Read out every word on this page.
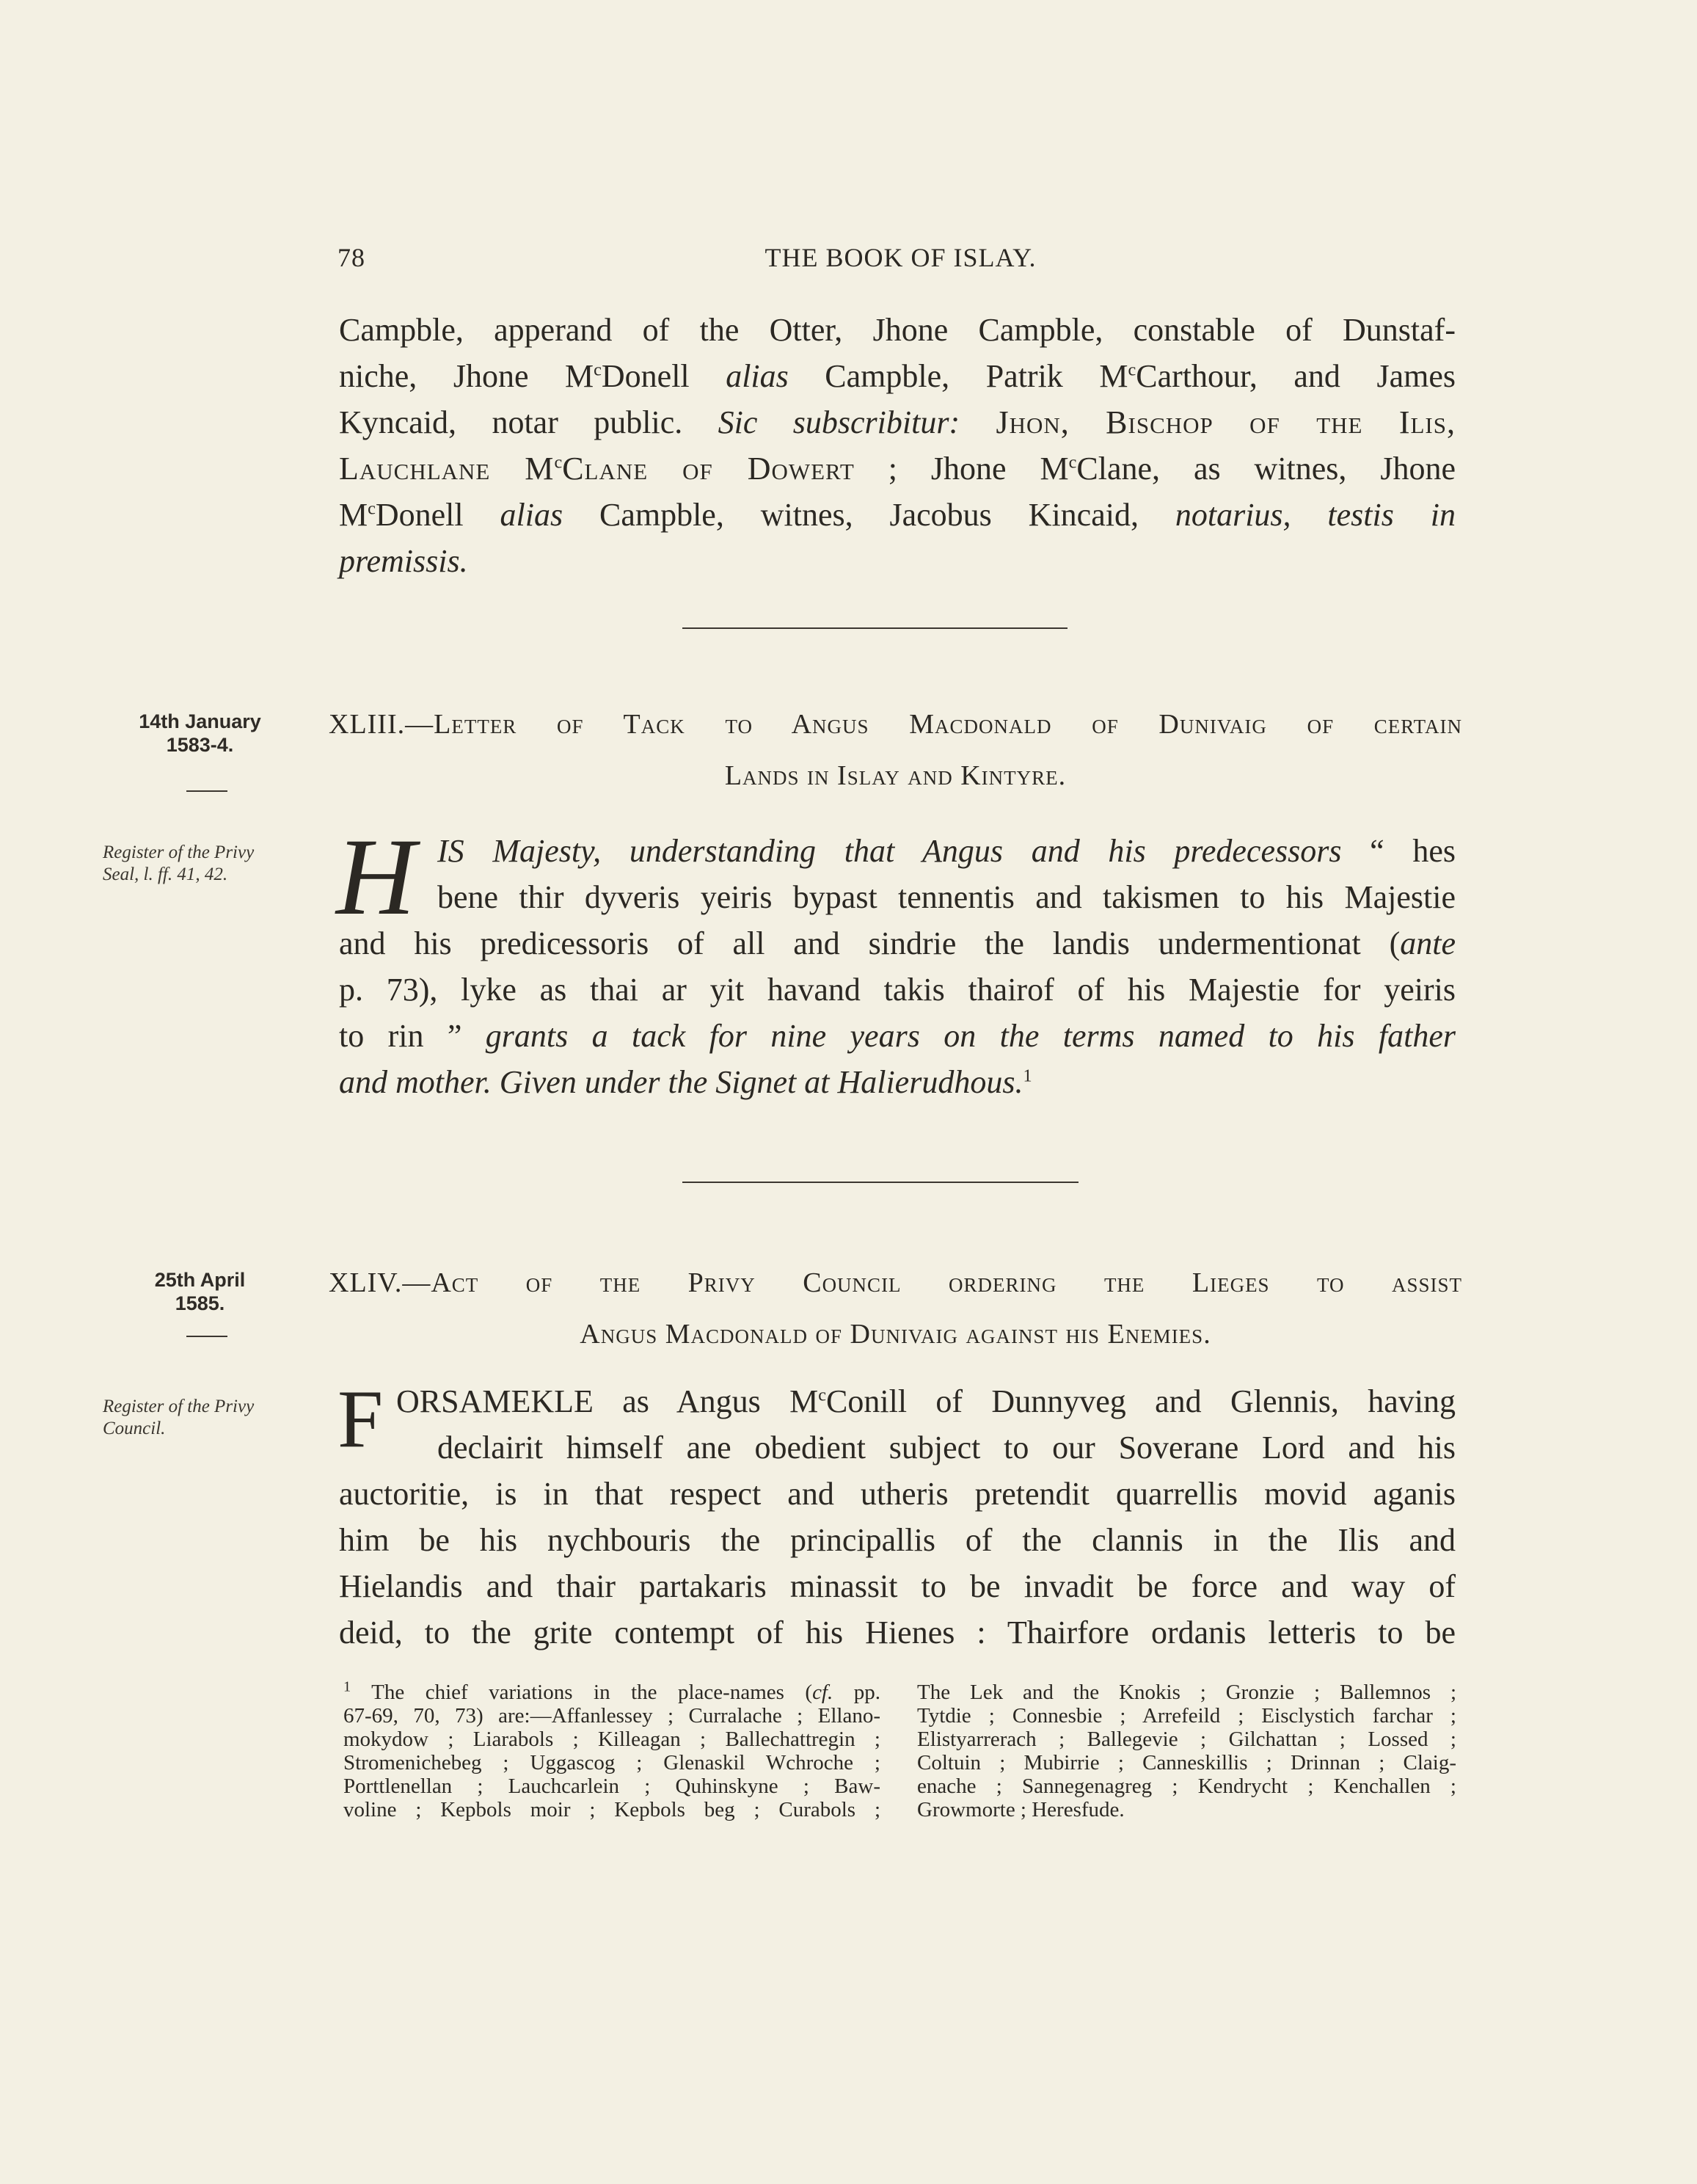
78	THE BOOK OF ISLAY.
Campble, apperand of the Otter, Jhone Campble, constable of Dunstaf-
niche, Jhone $M^cDonell$ alias Campble, Patrik $M^cCarthour$, and James
Kyncaid, notar public. Sic subscribitur: Jhon, Bischop of the Ilis,
Lauchlane $M^cClane$ of Dowert ; Jhone $M^cClane$, as witnes, Jhone
$M^cDonell$ alias Campble, witnes, Jacobus Kincaid, notarius, testis in
premissis.
14th January
1583-4.
Register of the Privy
Seal, l. ff. 41, 42.
XLIII.—Letter of Tack to Angus Macdonald of Dunivaig of certain
Lands in Islay and Kintyre.
H IS Majesty, understanding that Angus and his predecessors “ hes
bene thir dyveris yeiris bypast tennentis and takismen to his Majestie
and his predicessoris of all and sindrie the landis undermentionat (ante
p. 73), lyke as thai ar yit havand takis thairof of his Majestie for yeiris
to rin ” grants a tack for nine years on the terms named to his father
and mother. Given under the Signet at Halierudhous.$^1$
25th April
1585.
Register of the Privy
Council.
XLIV.—Act of the Privy Council ordering the Lieges to assist
Angus Macdonald of Dunivaig against his Enemies.
F ORSAMEKLE as Angus $M^cConill$ of Dunnyveg and Glennis, having
declairit himself ane obedient subject to our Soverane Lord and his
auctoritie, is in that respect and utheris pretendit quarrellis movid aganis
him be his nychbouris the principallis of the clannis in the Ilis and
Hielandis and thair partakaris minassit to be invadit be force and way of
deid, to the grite contempt of his Hienes : Thairfore ordanis letteris to be
$^1$ The chief variations in the place-names (cf. pp.
67-69, 70, 73) are:—Affanlessey ; Curralache ; Ellano-
mokydow ; Liarabols ; Killeagan ; Ballechattregin ;
Stromenichebeg ; Uggascog ; Glenaskil Wchroche ;
Porttlenellan ; Lauchcarlein ; Quhinskyne ; Baw-
voline ; Kepbols moir ; Kepbols beg ; Curabols ;
The Lek and the Knokis ; Gronzie ; Ballemnos ;
Tytdie ; Connesbie ; Arrefeild ; Eisclystich farchar ;
Elistyarrerach ; Ballegevie ; Gilchattan ; Lossed ;
Coltuin ; Mubirrie ; Canneskillis ; Drinnan ; Claig-
enache ; Sannegenagreg ; Kendrycht ; Kenchallen ;
Growmorte ; Heresfude.
